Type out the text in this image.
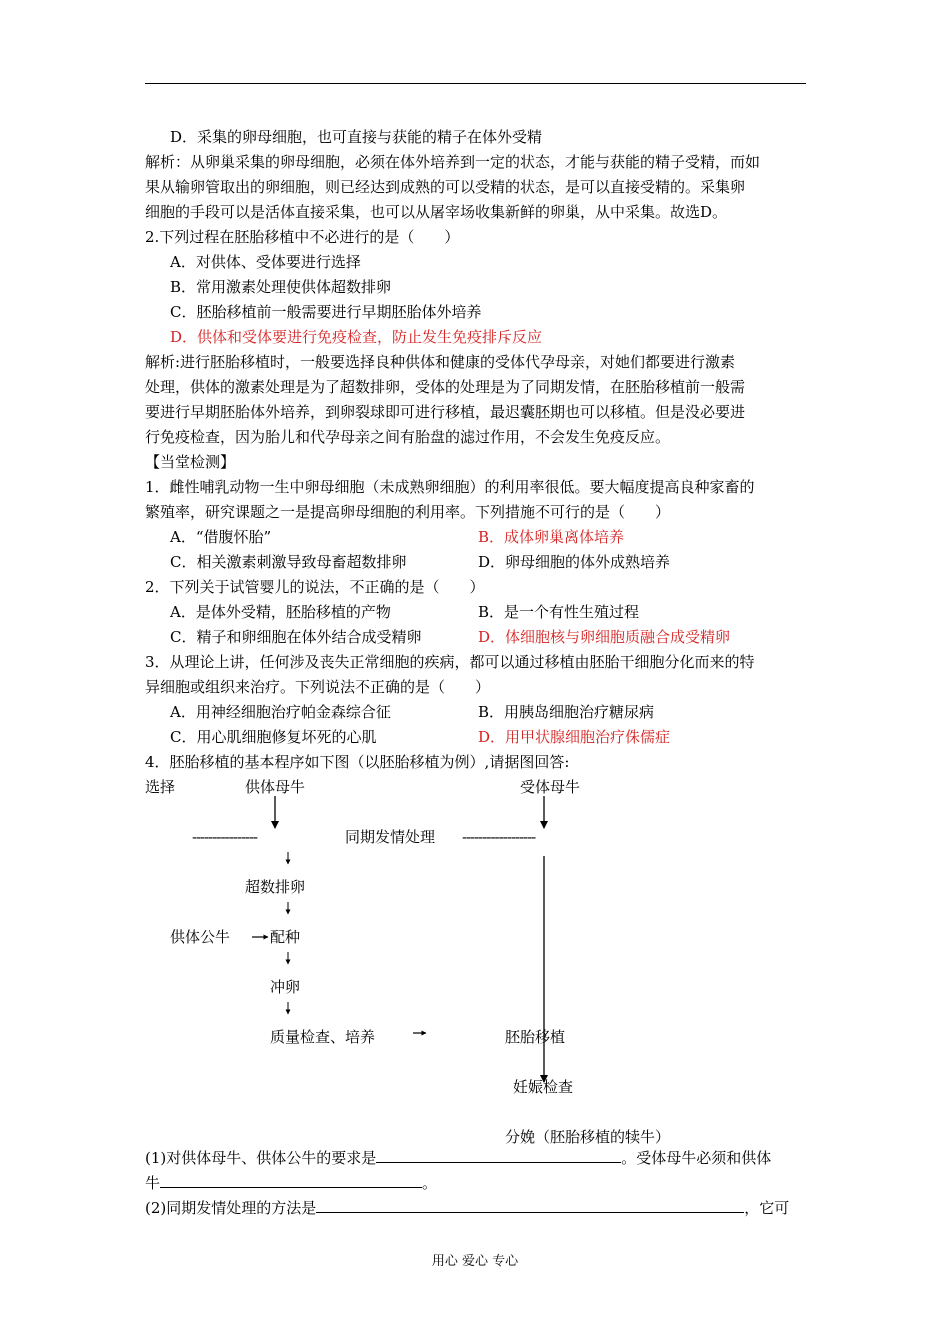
D．采集的卵母细胞，也可直接与获能的精子在体外受精
解析：从卵巢采集的卵母细胞，必须在体外培养到一定的状态，才能与获能的精子受精，而如
果从输卵管取出的卵细胞，则已经达到成熟的可以受精的状态，是可以直接受精的。采集卵
细胞的手段可以是活体直接采集，也可以从屠宰场收集新鲜的卵巢，从中采集。故选D。
2.下列过程在胚胎移植中不必进行的是（　　）
A．对供体、受体要进行选择
B．常用激素处理使供体超数排卵
C．胚胎移植前一般需要进行早期胚胎体外培养
D．供体和受体要进行免疫检查，防止发生免疫排斥反应
解析:进行胚胎移植时，一般要选择良种供体和健康的受体代孕母亲，对她们都要进行激素
处理，供体的激素处理是为了超数排卵，受体的处理是为了同期发情，在胚胎移植前一般需
要进行早期胚胎体外培养，到卵裂球即可进行移植，最迟囊胚期也可以移植。但是没必要进
行免疫检查，因为胎儿和代孕母亲之间有胎盘的滤过作用，不会发生免疫反应。
【当堂检测】
1．雌性哺乳动物一生中卵母细胞（未成熟卵细胞）的利用率很低。要大幅度提高良种家畜的
繁殖率，研究课题之一是提高卵母细胞的利用率。下列措施不可行的是（　　）
A．“借腹怀胎”	B．成体卵巢离体培养
C．相关激素刺激导致母畜超数排卵	D．卵母细胞的体外成熟培养
2．下列关于试管婴儿的说法，不正确的是（　　）
A．是体外受精，胚胎移植的产物	B．是一个有性生殖过程
C．精子和卵细胞在体外结合成受精卵	D．体细胞核与卵细胞质融合成受精卵
3．从理论上讲，任何涉及丧失正常细胞的疾病，都可以通过移植由胚胎干细胞分化而来的特
异细胞或组织来治疗。下列说法不正确的是（　　）
A．用神经细胞治疗帕金森综合征	B．用胰岛细胞治疗糖尿病
C．用心肌细胞修复坏死的心肌	D．用甲状腺细胞治疗侏儒症
4．胚胎移植的基本程序如下图（以胚胎移植为例）,请据图回答:
选择	供体母牛	受体母牛
----------------	同期发情处理 ------------------
超数排卵
供体公牛	配种
冲卵
质量检查、培养	胚胎移植
妊娠检查
分娩（胚胎移植的犊牛）
(1)对供体母牛、供体公牛的要求是	。受体母牛必须和供体
牛	。
(2)同期发情处理的方法是	，它可
用心 爱心 专心
